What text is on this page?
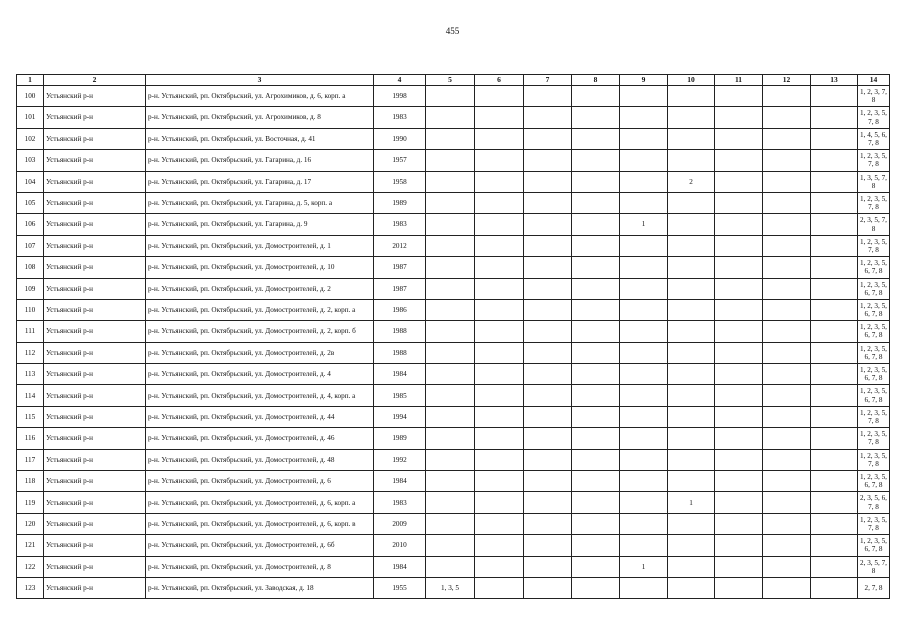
455
1	2	3	4	5	6	7	8	9	10	11	12	13	14
100	Устьянский р-н	р-н. Устьянский, рп. Октябрьский, ул. Агрохимиков, д. 6, корп. а	1998										1, 2, 3, 7, 8
101	Устьянский р-н	р-н. Устьянский, рп. Октябрьский, ул. Агрохимиков, д. 8	1983										1, 2, 3, 5, 7, 8
102	Устьянский р-н	р-н. Устьянский, рп. Октябрьский, ул. Восточная, д. 41	1990										1, 4, 5, 6, 7, 8
103	Устьянский р-н	р-н. Устьянский, рп. Октябрьский, ул. Гагарина, д. 16	1957										1, 2, 3, 5, 7, 8
104	Устьянский р-н	р-н. Устьянский, рп. Октябрьский, ул. Гагарина, д. 17	1958						2				1, 3, 5, 7, 8
105	Устьянский р-н	р-н. Устьянский, рп. Октябрьский, ул. Гагарина, д. 5, корп. а	1989										1, 2, 3, 5, 7, 8
106	Устьянский р-н	р-н. Устьянский, рп. Октябрьский, ул. Гагарина, д. 9	1983					1					2, 3, 5, 7, 8
107	Устьянский р-н	р-н. Устьянский, рп. Октябрьский, ул. Домостроителей, д. 1	2012										1, 2, 3, 5, 7, 8
108	Устьянский р-н	р-н. Устьянский, рп. Октябрьский, ул. Домостроителей, д. 10	1987										1, 2, 3, 5, 6, 7, 8
109	Устьянский р-н	р-н. Устьянский, рп. Октябрьский, ул. Домостроителей, д. 2	1987										1, 2, 3, 5, 6, 7, 8
110	Устьянский р-н	р-н. Устьянский, рп. Октябрьский, ул. Домостроителей, д. 2, корп. а	1986										1, 2, 3, 5, 6, 7, 8
111	Устьянский р-н	р-н. Устьянский, рп. Октябрьский, ул. Домостроителей, д. 2, корп. б	1988										1, 2, 3, 5, 6, 7, 8
112	Устьянский р-н	р-н. Устьянский, рп. Октябрьский, ул. Домостроителей, д. 2в	1988										1, 2, 3, 5, 6, 7, 8
113	Устьянский р-н	р-н. Устьянский, рп. Октябрьский, ул. Домостроителей, д. 4	1984										1, 2, 3, 5, 6, 7, 8
114	Устьянский р-н	р-н. Устьянский, рп. Октябрьский, ул. Домостроителей, д. 4, корп. а	1985										1, 2, 3, 5, 6, 7, 8
115	Устьянский р-н	р-н. Устьянский, рп. Октябрьский, ул. Домостроителей, д. 44	1994										1, 2, 3, 5, 7, 8
116	Устьянский р-н	р-н. Устьянский, рп. Октябрьский, ул. Домостроителей, д. 46	1989										1, 2, 3, 5, 7, 8
117	Устьянский р-н	р-н. Устьянский, рп. Октябрьский, ул. Домостроителей, д. 48	1992										1, 2, 3, 5, 7, 8
118	Устьянский р-н	р-н. Устьянский, рп. Октябрьский, ул. Домостроителей, д. 6	1984										1, 2, 3, 5, 6, 7, 8
119	Устьянский р-н	р-н. Устьянский, рп. Октябрьский, ул. Домостроителей, д. 6, корп. а	1983						1				2, 3, 5, 6, 7, 8
120	Устьянский р-н	р-н. Устьянский, рп. Октябрьский, ул. Домостроителей, д. 6, корп. в	2009										1, 2, 3, 5, 7, 8
121	Устьянский р-н	р-н. Устьянский, рп. Октябрьский, ул. Домостроителей, д. 6б	2010										1, 2, 3, 5, 6, 7, 8
122	Устьянский р-н	р-н. Устьянский, рп. Октябрьский, ул. Домостроителей, д. 8	1984					1					2, 3, 5, 7, 8
123	Устьянский р-н	р-н. Устьянский, рп. Октябрьский, ул. Заводская, д. 18	1955	1, 3, 5									2, 7, 8
